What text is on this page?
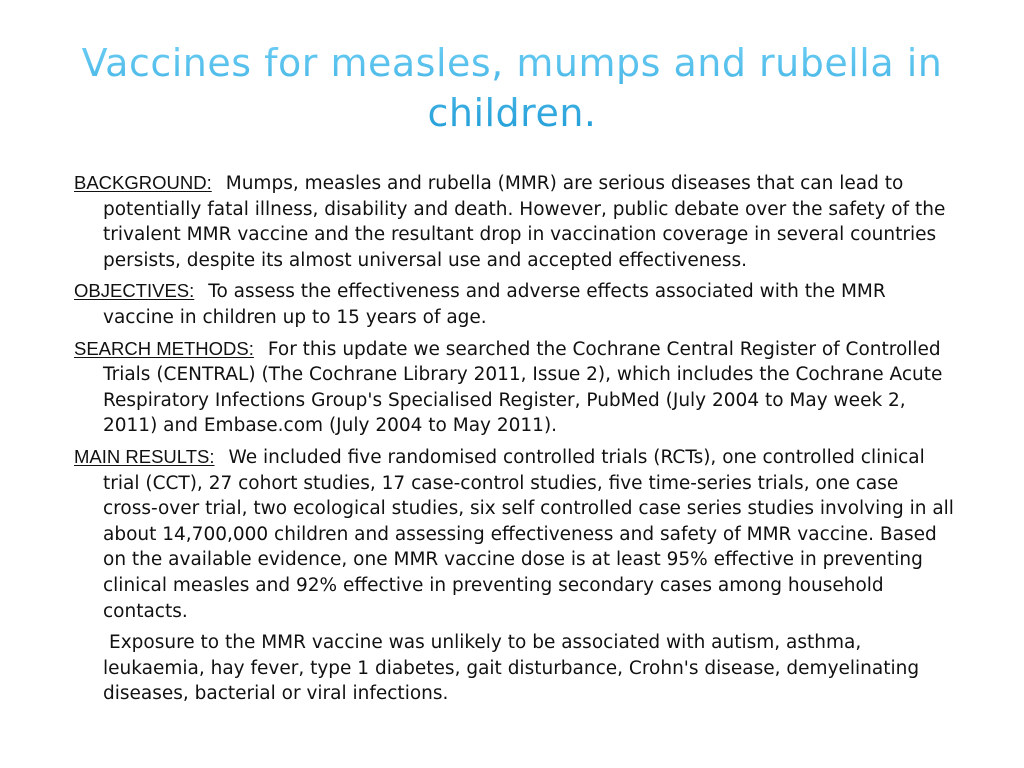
Vaccines for measles, mumps and rubella in children.

BACKGROUND: Mumps, measles and rubella (MMR) are serious diseases that can lead to potentially fatal illness, disability and death. However, public debate over the safety of the trivalent MMR vaccine and the resultant drop in vaccination coverage in several countries persists, despite its almost universal use and accepted effectiveness.

OBJECTIVES: To assess the effectiveness and adverse effects associated with the MMR vaccine in children up to 15 years of age.

SEARCH METHODS: For this update we searched the Cochrane Central Register of Controlled Trials (CENTRAL) (The Cochrane Library 2011, Issue 2), which includes the Cochrane Acute Respiratory Infections Group's Specialised Register, PubMed (July 2004 to May week 2, 2011) and Embase.com (July 2004 to May 2011).

MAIN RESULTS: We included five randomised controlled trials (RCTs), one controlled clinical trial (CCT), 27 cohort studies, 17 case-control studies, five time-series trials, one case cross-over trial, two ecological studies, six self controlled case series studies involving in all about 14,700,000 children and assessing effectiveness and safety of MMR vaccine. Based on the available evidence, one MMR vaccine dose is at least 95% effective in preventing clinical measles and 92% effective in preventing secondary cases among household contacts.

Exposure to the MMR vaccine was unlikely to be associated with autism, asthma, leukaemia, hay fever, type 1 diabetes, gait disturbance, Crohn's disease, demyelinating diseases, bacterial or viral infections.
